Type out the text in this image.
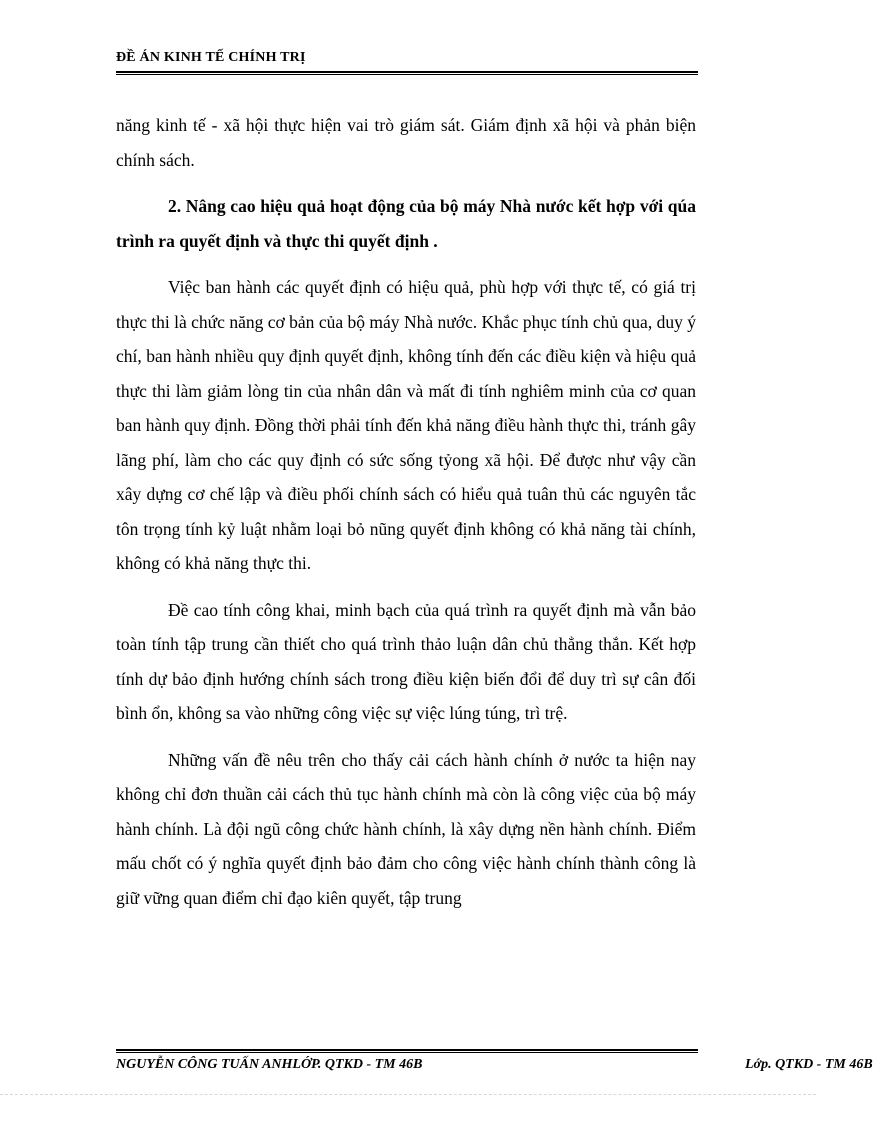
ĐỀ ÁN KINH TẾ CHÍNH TRỊ

năng kinh tế - xã hội thực hiện vai trò giám sát. Giám định xã hội và phản biện chính sách.

2. Nâng cao hiệu quả hoạt động của bộ máy Nhà nước kết hợp với qúa trình ra quyết định và thực thi quyết định .

Việc ban hành các quyết định có hiệu quả, phù hợp với thực tế, có giá trị thực thi là chức năng cơ bản của bộ máy Nhà nước. Khắc phục tính chủ qua, duy ý chí, ban hành nhiều quy định quyết định, không tính đến các điều kiện và hiệu quả thực thi làm giảm lòng tin của nhân dân và mất đi tính nghiêm minh của cơ quan ban hành quy định. Đồng thời phải tính đến khả năng điều hành thực thi, tránh gây lãng phí, làm cho các quy định có sức sống tỷong xã hội. Để được như vậy cần xây dựng cơ chế lập và điều phối chính sách có hiểu quả tuân thủ các nguyên tắc tôn trọng tính kỷ luật nhằm loại bỏ nũng quyết định không có khả năng tài chính, không có khả năng thực thi.

Đề cao tính công khai, minh bạch của quá trình ra quyết định mà vẫn bảo toàn tính tập trung cần thiết cho quá trình thảo luận dân chủ thẳng thắn. Kết hợp tính dự bảo định hướng chính sách trong điều kiện biến đổi để duy trì sự cân đối bình ổn, không sa vào những công việc sự việc lúng túng, trì trệ.

Những vấn đề nêu trên cho thấy cải cách hành chính ở nước ta hiện nay không chỉ đơn thuần cải cách thủ tục hành chính mà còn là công việc của bộ máy hành chính. Là đội ngũ công chức hành chính, là xây dựng nền hành chính. Điểm mấu chốt có ý nghĩa quyết định bảo đảm cho công việc hành chính thành công là giữ vững quan điểm chỉ đạo kiên quyết, tập trung

NGUYỄN CÔNG TUẤN ANHLỚP. QTKD - TM 46B	Lớp. QTKD - TM 46B
